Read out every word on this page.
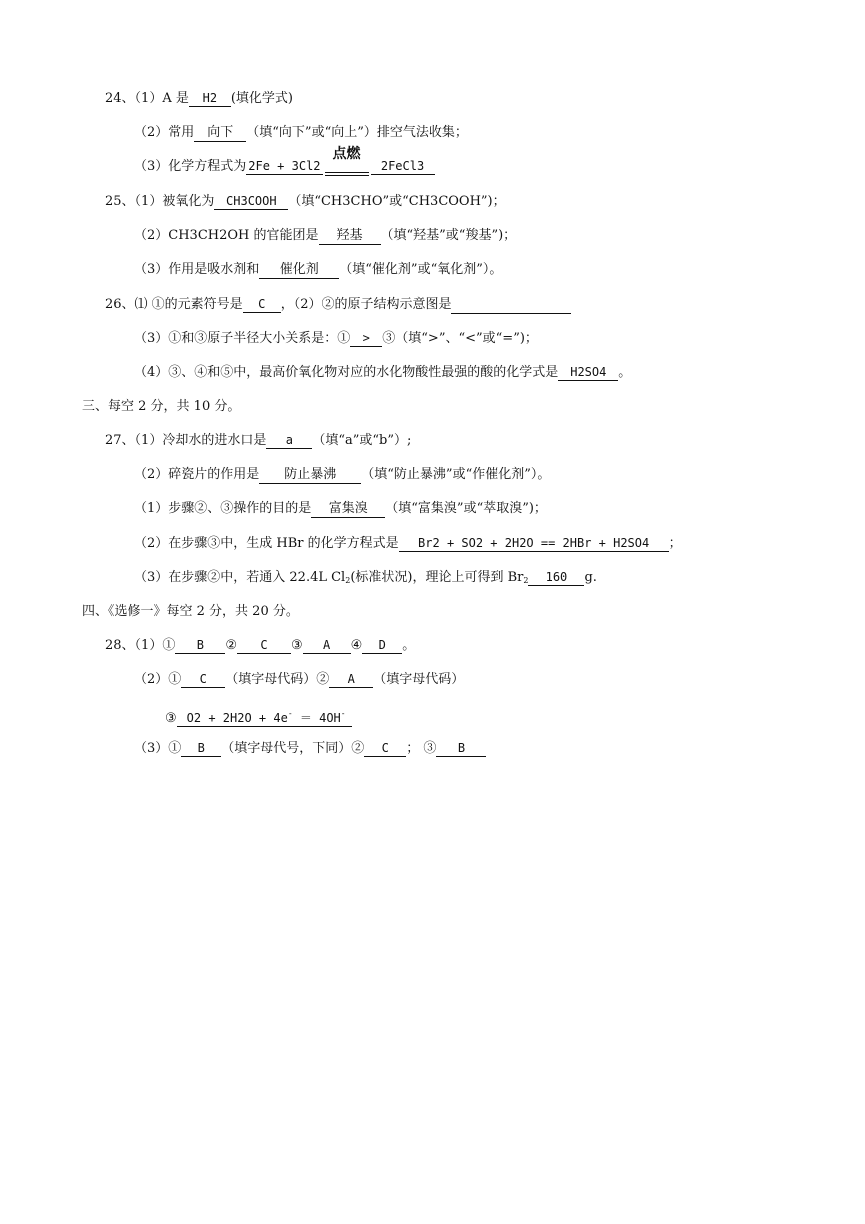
24、（1）A 是 H2 (填化学式)
（2）常用 向下 （填“向下”或“向上”）排空气法收集；
（3）化学方程式为 2Fe + 3Cl2
点燃
2FeCl3
25、（1）被氧化为 CH3COOH （填“CH3CHO”或“CH3COOH”)；
（2）CH3CH2OH 的官能团是 羟基 （填“羟基”或“羧基”)；
（3）作用是吸水剂和 催化剂 （填“催化剂”或“氧化剂”）。
26、⑴ ①的元素符号是 C ，（2）②的原子结构示意图是
（3）①和③原子半径大小关系是：① > ③（填“>”、“<”或“=”)；
（4）③、④和⑤中，最高价氧化物对应的水化物酸性最强的酸的化学式是 H2SO4 。
三、每空 2 分，共 10 分。
27、（1）冷却水的进水口是 a （填“a”或“b”）;
（2）碎瓷片的作用是 防止暴沸 （填“防止暴沸”或“作催化剂”）。
（1）步骤②、③操作的目的是 富集溴 （填“富集溴”或“萃取溴”)；
（2）在步骤③中，生成 HBr 的化学方程式是 Br2 + SO2 + 2H2O == 2HBr + H2SO4 ；
（3）在步骤②中，若通入 22.4L $Cl_2$(标准状况)，理论上可得到 $Br_2$ 160 g.
四、《选修一》每空 2 分，共 20 分。
28、（1）① B ② C ③ A ④ D 。
（2）① C （填字母代码）② A （填字母代码）
③ O2 + 2H2O + 4e- ＝ 4OH-
（3）① B （填字母代号，下同）② C ； ③ B
